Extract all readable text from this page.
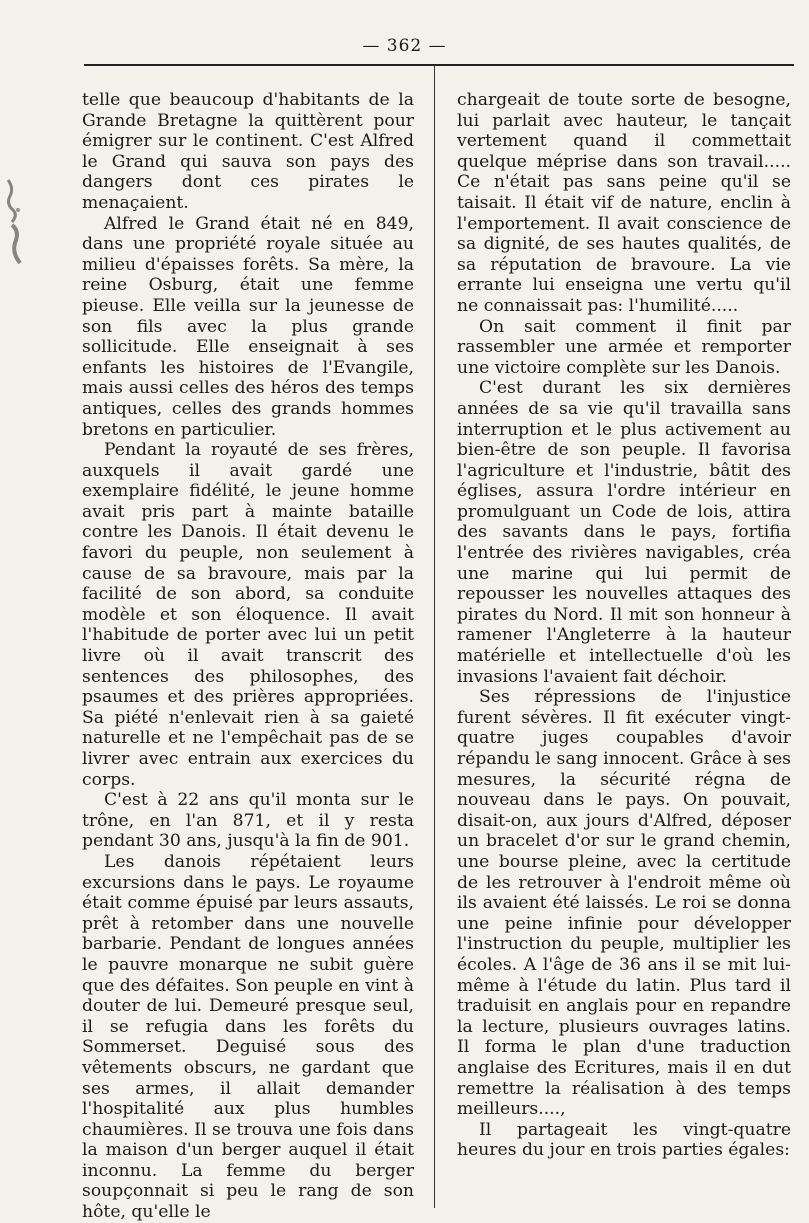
— 362 —

telle que beaucoup d'habitants de la Grande Bretagne la quittèrent pour émigrer sur le continent. C'est Alfred le Grand qui sauva son pays des dangers dont ces pirates le menaçaient.

Alfred le Grand était né en 849, dans une propriété royale située au milieu d'épaisses forêts. Sa mère, la reine Osburg, était une femme pieuse. Elle veilla sur la jeunesse de son fils avec la plus grande sollicitude. Elle enseignait à ses enfants les histoires de l'Evangile, mais aussi celles des héros des temps antiques, celles des grands hommes bretons en particulier.

Pendant la royauté de ses frères, auxquels il avait gardé une exemplaire fidélité, le jeune homme avait pris part à mainte bataille contre les Danois. Il était devenu le favori du peuple, non seulement à cause de sa bravoure, mais par la facilité de son abord, sa conduite modèle et son éloquence. Il avait l'habitude de porter avec lui un petit livre où il avait transcrit des sentences des philosophes, des psaumes et des prières appropriées. Sa piété n'enlevait rien à sa gaieté naturelle et ne l'empêchait pas de se livrer avec entrain aux exercices du corps.

C'est à 22 ans qu'il monta sur le trône, en l'an 871, et il y resta pendant 30 ans, jusqu'à la fin de 901.

Les danois répétaient leurs excursions dans le pays. Le royaume était comme épuisé par leurs assauts, prêt à retomber dans une nouvelle barbarie. Pendant de longues années le pauvre monarque ne subit guère que des défaites. Son peuple en vint à douter de lui. Demeuré presque seul, il se refugia dans les forêts du Sommerset. Deguisé sous des vêtements obscurs, ne gardant que ses armes, il allait demander l'hospitalité aux plus humbles chaumières. Il se trouva une fois dans la maison d'un berger auquel il était inconnu. La femme du berger soupçonnait si peu le rang de son hôte, qu'elle le

chargeait de toute sorte de besogne, lui parlait avec hauteur, le tançait vertement quand il commettait quelque méprise dans son travail..... Ce n'était pas sans peine qu'il se taisait. Il était vif de nature, enclin à l'emportement. Il avait conscience de sa dignité, de ses hautes qualités, de sa réputation de bravoure. La vie errante lui enseigna une vertu qu'il ne connaissait pas: l'humilité.....

On sait comment il finit par rassembler une armée et remporter une victoire complète sur les Danois.

C'est durant les six dernières années de sa vie qu'il travailla sans interruption et le plus activement au bien-être de son peuple. Il favorisa l'agriculture et l'industrie, bâtit des églises, assura l'ordre intérieur en promulguant un Code de lois, attira des savants dans le pays, fortifia l'entrée des rivières navigables, créa une marine qui lui permit de repousser les nouvelles attaques des pirates du Nord. Il mit son honneur à ramener l'Angleterre à la hauteur matérielle et intellectuelle d'où les invasions l'avaient fait déchoir.

Ses répressions de l'injustice furent sévères. Il fit exécuter vingt-quatre juges coupables d'avoir répandu le sang innocent. Grâce à ses mesures, la sécurité régna de nouveau dans le pays. On pouvait, disait-on, aux jours d'Alfred, déposer un bracelet d'or sur le grand chemin, une bourse pleine, avec la certitude de les retrouver à l'endroit même où ils avaient été laissés. Le roi se donna une peine infinie pour développer l'instruction du peuple, multiplier les écoles. A l'âge de 36 ans il se mit lui-même à l'étude du latin. Plus tard il traduisit en anglais pour en repandre la lecture, plusieurs ouvrages latins. Il forma le plan d'une traduction anglaise des Ecritures, mais il en dut remettre la réalisation à des temps meilleurs....,

Il partageait les vingt-quatre heures du jour en trois parties égales:
